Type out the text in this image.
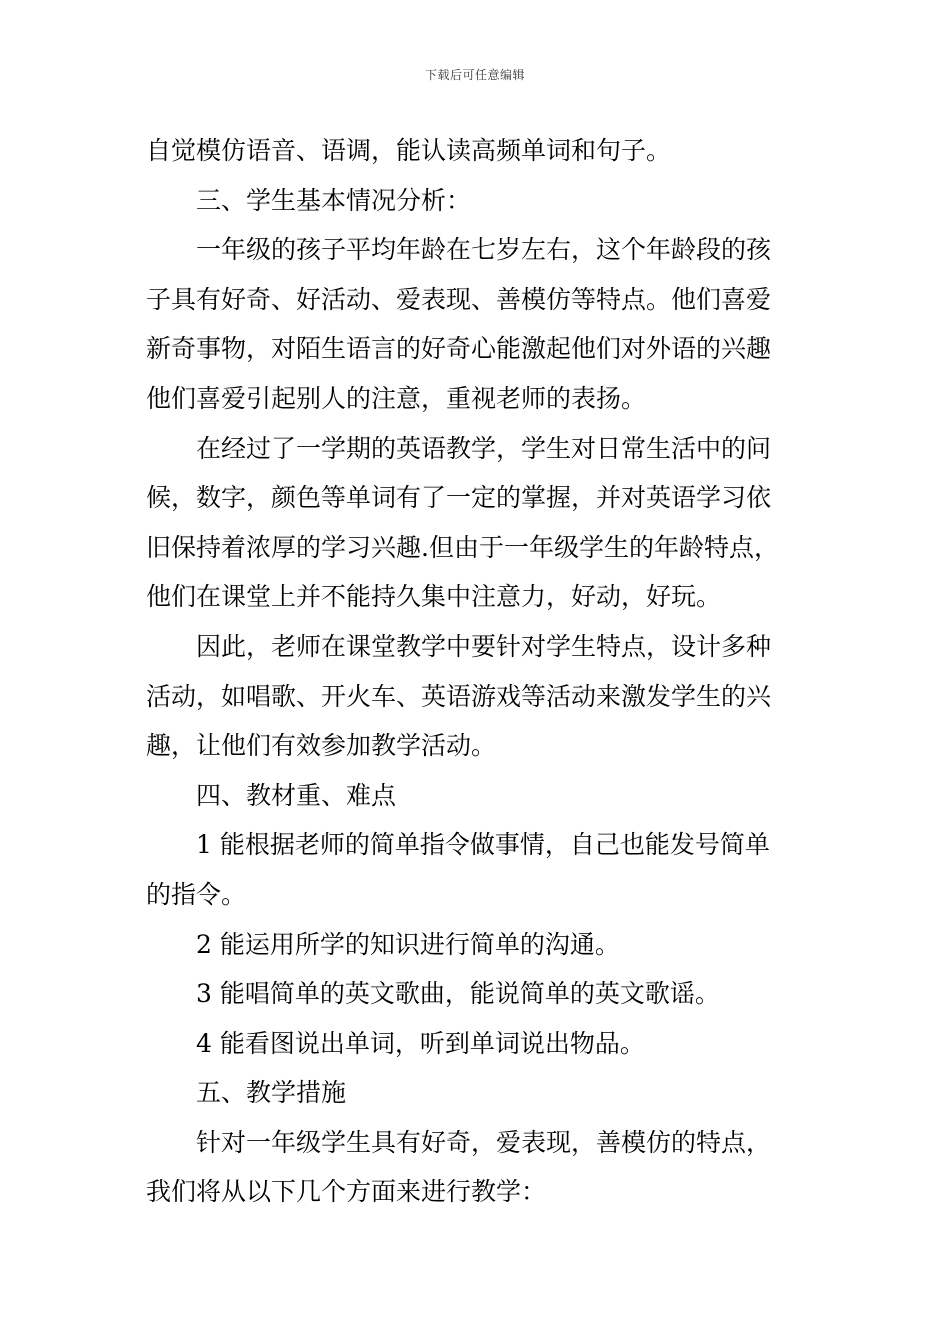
下载后可任意编辑
自觉模仿语音、语调，能认读高频单词和句子。
三、学生基本情况分析：
一年级的孩子平均年龄在七岁左右，这个年龄段的孩
子具有好奇、好活动、爱表现、善模仿等特点。他们喜爱
新奇事物，对陌生语言的好奇心能激起他们对外语的兴趣
他们喜爱引起别人的注意，重视老师的表扬。
在经过了一学期的英语教学，学生对日常生活中的问
候，数字，颜色等单词有了一定的掌握，并对英语学习依
旧保持着浓厚的学习兴趣.但由于一年级学生的年龄特点，
他们在课堂上并不能持久集中注意力，好动，好玩。
因此，老师在课堂教学中要针对学生特点，设计多种
活动，如唱歌、开火车、英语游戏等活动来激发学生的兴
趣，让他们有效参加教学活动。
四、教材重、难点
1 能根据老师的简单指令做事情，自己也能发号简单
的指令。
2 能运用所学的知识进行简单的沟通。
3 能唱简单的英文歌曲，能说简单的英文歌谣。
4 能看图说出单词，听到单词说出物品。
五、教学措施
针对一年级学生具有好奇，爱表现，善模仿的特点，
我们将从以下几个方面来进行教学：
